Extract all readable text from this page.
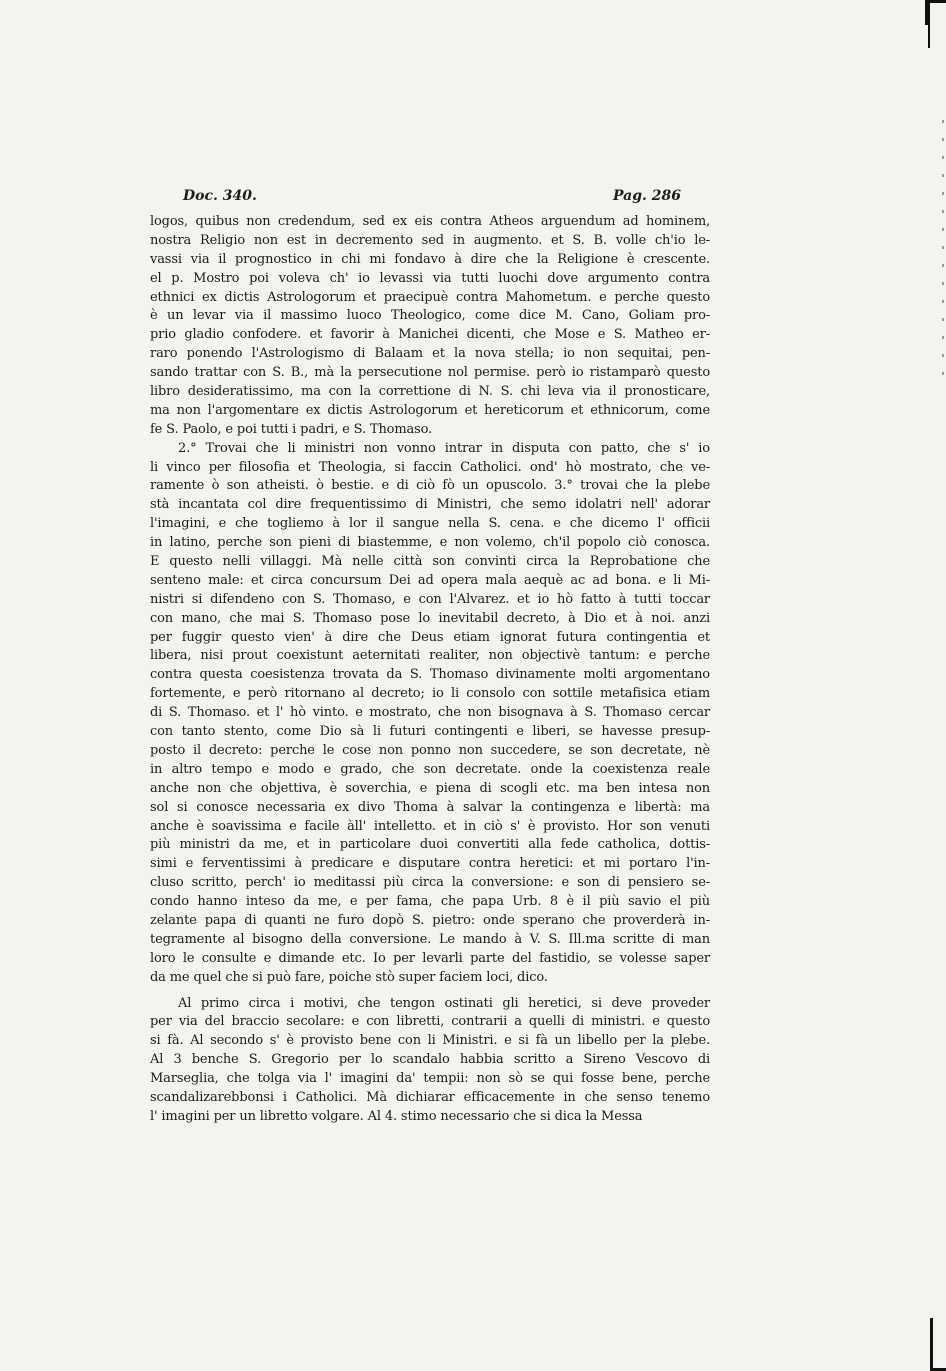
Doc. 340.	Pag. 286
logos, quibus non credendum, sed ex eis contra Atheos arguendum ad hominem,
nostra Religio non est in decremento sed in augmento. et S. B. volle ch'io le-
vassi via il prognostico in chi mi fondavo à dire che la Religione è crescente.
el p. Mostro poi voleva ch' io levassi via tutti luochi dove argumento contra
ethnici ex dictis Astrologorum et praecipuè contra Mahometum. e perche questo
è un levar via il massimo luoco Theologico, come dice M. Cano, Goliam pro-
prio gladio confodere. et favorir à Manichei dicenti, che Mose e S. Matheo er-
raro ponendo l'Astrologismo di Balaam et la nova stella; io non sequitai, pen-
sando trattar con S. B., mà la persecutione nol permise. però io ristamparò questo
libro desideratissimo, ma con la correttione di N. S. chi leva via il pronosticare,
ma non l'argomentare ex dictis Astrologorum et hereticorum et ethnicorum, come
fe S. Paolo, e poi tutti i padri, e S. Thomaso.
2.° Trovai che li ministri non vonno intrar in disputa con patto, che s' io
li vinco per filosofia et Theologia, si faccin Catholici. ond' hò mostrato, che ve-
ramente ò son atheisti. ò bestie. e di ciò fò un opuscolo. 3.° trovai che la plebe
stà incantata col dire frequentissimo di Ministri, che semo idolatri nell' adorar
l'imagini, e che togliemo à lor il sangue nella S. cena. e che dicemo l' officii
in latino, perche son pieni di biastemme, e non volemo, ch'il popolo ciò conosca.
E questo nelli villaggi. Mà nelle città son convinti circa la Reprobatione che
senteno male: et circa concursum Dei ad opera mala aequè ac ad bona. e li Mi-
nistri si difendeno con S. Thomaso, e con l'Alvarez. et io hò fatto à tutti toccar
con mano, che mai S. Thomaso pose lo inevitabil decreto, à Dio et à noi. anzi
per fuggir questo vien' à dire che Deus etiam ignorat futura contingentia et
libera, nisi prout coexistunt aeternitati realiter, non objectivè tantum: e perche
contra questa coesistenza trovata da S. Thomaso divinamente molti argomentano
fortemente, e però ritornano al decreto; io li consolo con sottile metafisica etiam
di S. Thomaso. et l' hò vinto. e mostrato, che non bisognava à S. Thomaso cercar
con tanto stento, come Dio sà li futuri contingenti e liberi, se havesse presup-
posto il decreto: perche le cose non ponno non succedere, se son decretate, nè
in altro tempo e modo e grado, che son decretate. onde la coexistenza reale
anche non che objettiva, è soverchia, e piena di scogli etc. ma ben intesa non
sol si conosce necessaria ex divo Thoma à salvar la contingenza e libertà: ma
anche è soavissima e facile àll' intelletto. et in ciò s' è provisto. Hor son venuti
più ministri da me, et in particolare duoi convertiti alla fede catholica, dottis-
simi e ferventissimi à predicare e disputare contra heretici: et mi portaro l'in-
cluso scritto, perch' io meditassi più circa la conversione: e son di pensiero se-
condo hanno inteso da me, e per fama, che papa Urb. 8 è il più savio el più
zelante papa di quanti ne furo dopò S. pietro: onde sperano che proverderà in-
tegramente al bisogno della conversione. Le mando à V. S. Ill.ma scritte di man
loro le consulte e dimande etc. Io per levarli parte del fastidio, se volesse saper
da me quel che si può fare, poiche stò super faciem loci, dico.
Al primo circa i motivi, che tengon ostinati gli heretici, si deve proveder
per via del braccio secolare: e con libretti, contrarii a quelli di ministri. e questo
si fà. Al secondo s' è provisto bene con li Ministri. e si fà un libello per la plebe.
Al 3 benche S. Gregorio per lo scandalo habbia scritto a Sireno Vescovo di
Marseglia, che tolga via l' imagini da' tempii: non sò se qui fosse bene, perche
scandalizarebbonsi i Catholici. Mà dichiarar efficacemente in che senso tenemo
l' imagini per un libretto volgare. Al 4. stimo necessario che si dica la Messa
